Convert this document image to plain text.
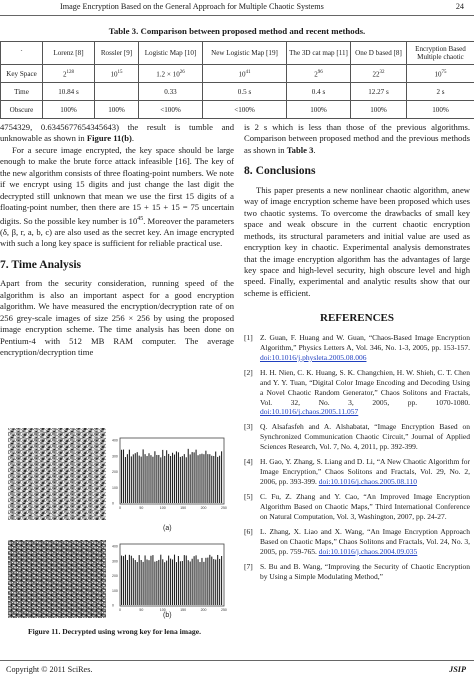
Image Encryption Based on the General Approach for Multiple Chaotic Systems	24
Table 3. Comparison between proposed method and recent methods.
`	Lorenz [8]	Rossler [9]	Logistic Map [10]	New Logistic Map [19]	The 3D cat map [11]	One D based [8]	Encryption Based Multiple chaotic
Key Space	$2^{128}$	$10^{15}$	$1.2 \times 10^{26}$	$10^{41}$	$2^{96}$	$22^{32}$	$10^{75}$
Time	10.84 s		0.33	0.5 s	0.4 s	12.27 s	2 s
Obscure	100%	100%	<100%	<100%	100%	100%	100%

4754329, 0.6345677654345643) the result is tumble and unknowable as shown in Figure 11(b).

For a secure image encrypted, the key space should be large enough to make the brute force attack infeasible [16]. The key of the new algorithm consists of three floating-point numbers. We note if we encrypt using 15 digits and just change the last digit the decrypted still unknown that mean we use the first 15 digits of a floating-point number, then there are 15 + 15 + 15 = 75 uncertain digits. So the possible key number is $10^{45}$. Moreover the parameters (δ, β, r, a, b, c) are also used as the secret key. An image encrypted with such a long key space is sufficient for reliable practical use.

7. Time Analysis

Apart from the security consideration, running speed of the algorithm is also an important aspect for a good encryption algorithm. We have measured the encryption/decryption rate of on 256 grey-scale images of size 256 × 256 by using the proposed image encryption scheme. The time analysis has been done on Pentium-4 with 512 MB RAM computer. The average encryption/decryption time

0	50	100	150	200	250
0
100
200
300
400
(a)
0	50	100	150	200	250
0
100
200
300
400
(b)
Figure 11. Decrypted using wrong key for lena image.

is 2 s which is less than those of the previous algorithms. Comparison between proposed method and the previous methods as shown in Table 3.

8. Conclusions

This paper presents a new nonlinear chaotic algorithm, anew way of image encryption scheme have been proposed which uses two chaotic systems. To overcome the drawbacks of small key space and weak obscure in the current chaotic encryption methods, its structural parameters and initial value are used as encryption key in chaotic. Experimental analysis demonstrates that the image encryption algorithm has the advantages of large key space and high-level security, high obscure level and high speed. Finally, experimental and analytic results show that our scheme is efficient.

REFERENCES
[1] Z. Guan, F. Huang and W. Guan, “Chaos-Based Image Encryption Algorithm,” Physics Letters A, Vol. 346, No. 1-3, 2005, pp. 153-157. doi:10.1016/j.physleta.2005.08.006
[2] H. H. Nien, C. K. Huang, S. K. Changchien, H. W. Shieh, C. T. Chen and Y. Y. Tuan, “Digital Color Image Encoding and Decoding Using a Novel Chaotic Random Generator,” Chaos Solitons and Fractals, Vol. 32, No. 3, 2005, pp. 1070-1080. doi:10.1016/j.chaos.2005.11.057
[3] Q. Alsafasfeh and A. Alshabatat, “Image Encryption Based on Synchronized Communication Chaotic Circuit,” Journal of Applied Sciences Research, Vol. 7, No. 4, 2011, pp. 392-399.
[4] H. Gao, Y. Zhang, S. Liang and D. Li, “A New Chaotic Algorithm for Image Encryption,” Chaos Solitons and Fractals, Vol. 29, No. 2, 2006, pp. 393-399. doi:10.1016/j.chaos.2005.08.110
[5] C. Fu, Z. Zhang and Y. Cao, “An Improved Image Encryption Algorithm Based on Chaotic Maps,” Third International Conference on Natural Computation, Vol. 3, Washington, 2007, pp. 24-27.
[6] L. Zhang, X. Liao and X. Wang, “An Image Encryption Approach Based on Chaotic Maps,” Chaos Solitons and Fractals, Vol. 24, No. 3, 2005, pp. 759-765. doi:10.1016/j.chaos.2004.09.035
[7] S. Bu and B. Wang, “Improving the Security of Chaotic Encryption by Using a Simple Modulating Method,”
Copyright © 2011 SciRes.	JSIP
